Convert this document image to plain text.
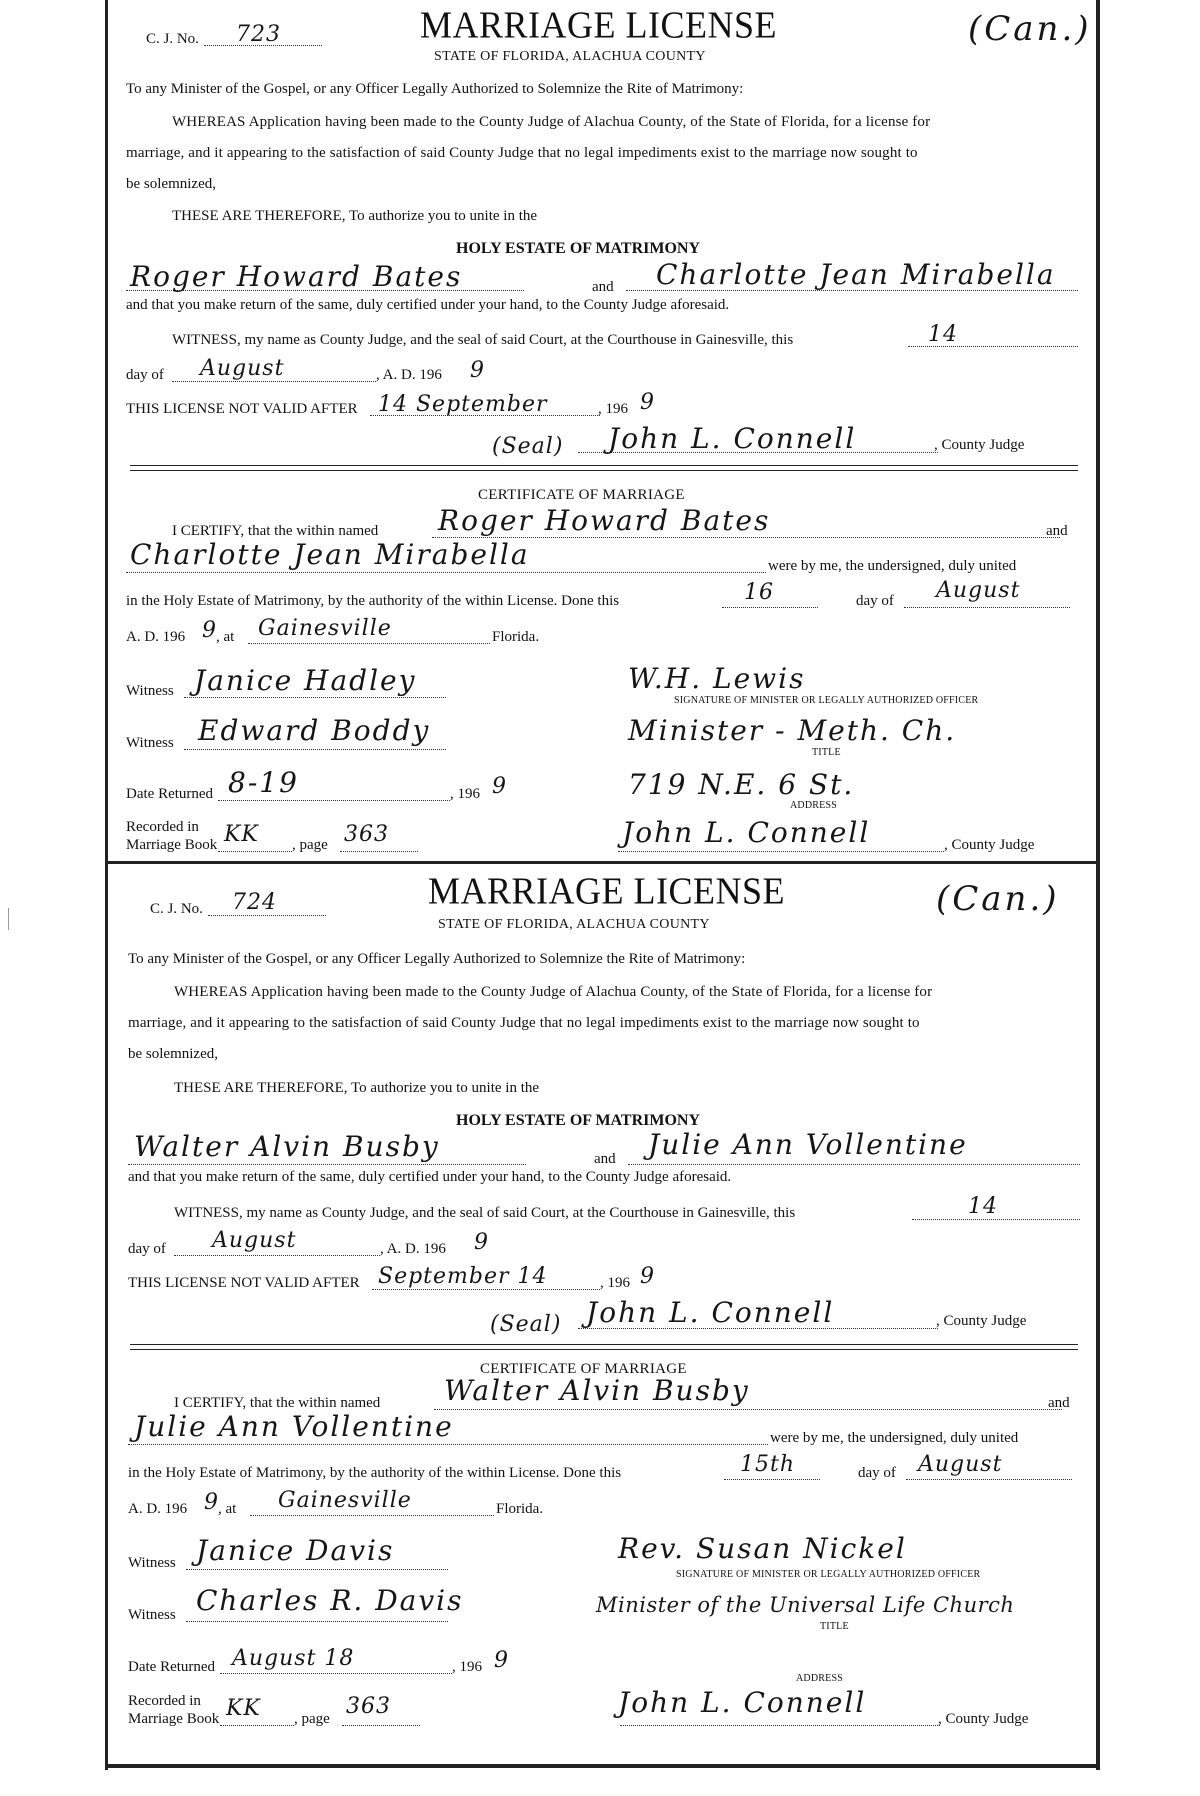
C. J. No. 723	MARRIAGE LICENSE
STATE OF FLORIDA, ALACHUA COUNTY
(Can.)
To any Minister of the Gospel, or any Officer Legally Authorized to Solemnize the Rite of Matrimony:
WHEREAS Application having been made to the County Judge of Alachua County, of the State of Florida, for a license for
marriage, and it appearing to the satisfaction of said County Judge that no legal impediments exist to the marriage now sought to
be solemnized,
THESE ARE THEREFORE, To authorize you to unite in the
HOLY ESTATE OF MATRIMONY
Roger Howard Bates	and Charlotte Jean Mirabella
and that you make return of the same, duly certified under your hand, to the County Judge aforesaid.
WITNESS, my name as County Judge, and the seal of said Court, at the Courthouse in Gainesville, this	14
day of August	, A. D. 196 9
THIS LICENSE NOT VALID AFTER 14 September	, 196 9
(Seal) John L. Connell	, County Judge
CERTIFICATE OF MARRIAGE
I CERTIFY, that the within named Roger Howard Bates	and
Charlotte Jean Mirabella	were by me, the undersigned, duly united
in the Holy Estate of Matrimony, by the authority of the within License. Done this	16	day of August
A. D. 196 9 , at Gainesville	Florida.
Witness Janice Hadley	W.H. Lewis
SIGNATURE OF MINISTER OR LEGALLY AUTHORIZED OFFICER
Witness Edward Boddy	Minister - Meth. Ch.
TITLE
Date Returned 8-19	, 196 9	719 N.E. 6 St.
ADDRESS
Recorded in
Marriage Book KK , page 363	John L. Connell	, County Judge
C. J. No. 724	MARRIAGE LICENSE
STATE OF FLORIDA, ALACHUA COUNTY
(Can.)
To any Minister of the Gospel, or any Officer Legally Authorized to Solemnize the Rite of Matrimony:
WHEREAS Application having been made to the County Judge of Alachua County, of the State of Florida, for a license for
marriage, and it appearing to the satisfaction of said County Judge that no legal impediments exist to the marriage now sought to
be solemnized,
THESE ARE THEREFORE, To authorize you to unite in the
HOLY ESTATE OF MATRIMONY
Walter Alvin Busby	and Julie Ann Vollentine
and that you make return of the same, duly certified under your hand, to the County Judge aforesaid.
WITNESS, my name as County Judge, and the seal of said Court, at the Courthouse in Gainesville, this	14
day of August	, A. D. 196 9
THIS LICENSE NOT VALID AFTER September 14	, 196 9
(Seal) John L. Connell	, County Judge
CERTIFICATE OF MARRIAGE
I CERTIFY, that the within named Walter Alvin Busby	and
Julie Ann Vollentine	were by me, the undersigned, duly united
in the Holy Estate of Matrimony, by the authority of the within License. Done this	15th	day of August
A. D. 196 9 , at Gainesville	Florida.
Witness Janice Davis	Rev. Susan Nickel
SIGNATURE OF MINISTER OR LEGALLY AUTHORIZED OFFICER
Witness Charles R. Davis	Minister of the Universal Life Church
TITLE
Date Returned August 18	, 196 9
ADDRESS
Recorded in
Marriage Book KK , page 363	John L. Connell	, County Judge
